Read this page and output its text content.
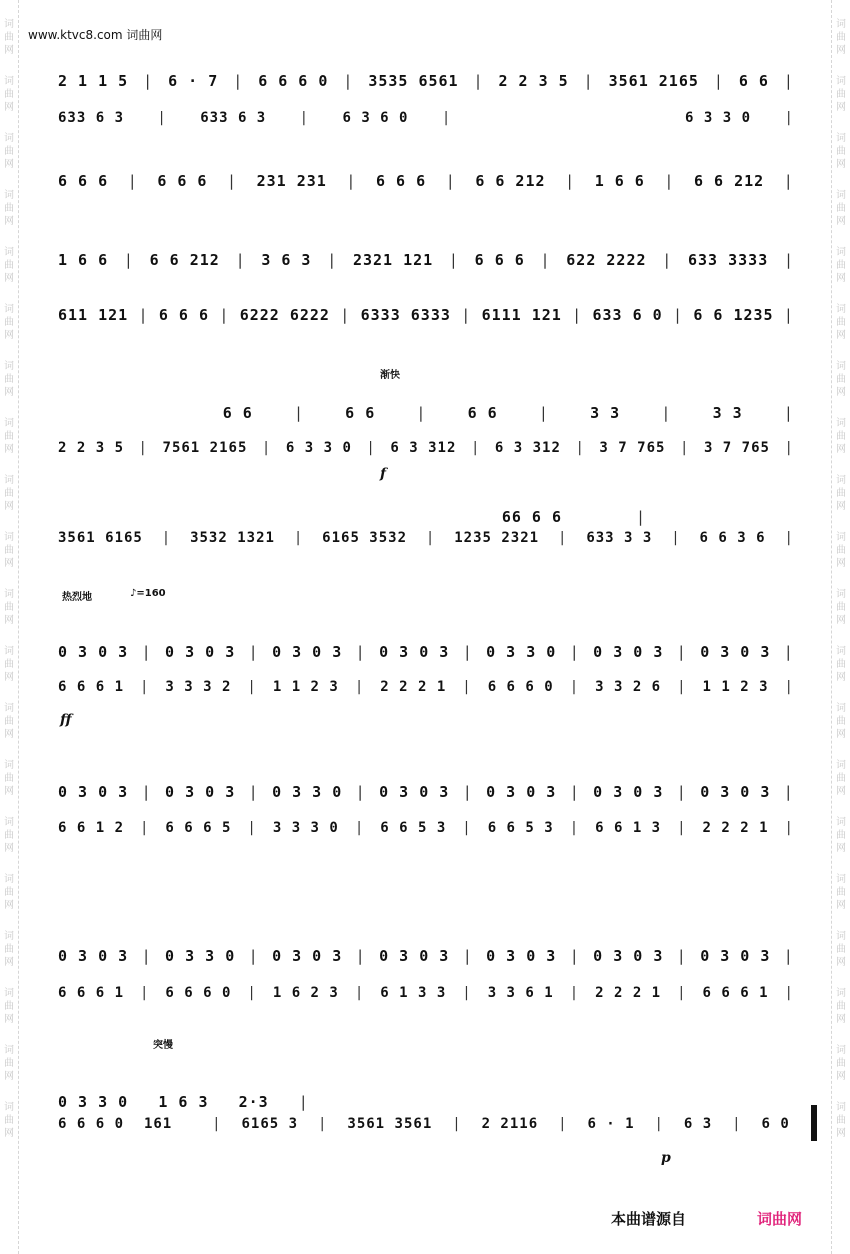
词
曲
网
词
曲
网
词
曲
网
词
曲
网
词
曲
网
词
曲
网
词
曲
网
词
曲
网
词
曲
网
词
曲
网
词
曲
网
词
曲
网
词
曲
网
词
曲
网
词
曲
网
词
曲
网
词
曲
网
词
曲
网
词
曲
网
词
曲
网
词
曲
网
词
曲
网
词
曲
网
词
曲
网
词
曲
网
词
曲
网
词
曲
网
词
曲
网
词
曲
网
词
曲
网
词
曲
网
词
曲
网
词
曲
网
词
曲
网
词
曲
网
词
曲
网
词
曲
网
词
曲
网
词
曲
网
词
曲
网
www.ktvc8.com 词曲网
2 1 1 5 | 6 · 7 | 6 6 6 0 | 3535 6561 | 2 2 3 5 | 3561 2165 | 6 6 |
633 6 3 | 633 6 3 | 6 3 6 0 |	6 3 3 0 |
6 6 6 | 6 6 6 | 231 231 | 6 6 6 | 6 6 212 | 1 6 6 | 6 6 212 |
1 6 6 | 6 6 212 | 3 6 3 | 2321 121 | 6 6 6 | 622 2222 | 633 3333 |
611 121 | 6 6 6 | 6222 6222 | 6333 6333 | 6111 121 | 633 6 0 | 6 6 1235 |
渐快
6 6	|	6 6	|	6 6	|	3 3	|	3 3	|
2 2 3 5 | 7561 2165 | 6 3 3 0 | 6 3 312 | 6 3 312 | 3 7 765 | 3 7 765 |
f
66 6 6	|
3561 6165 | 3532 1321 | 6165 3532 | 1235 2321 | 633 3 3 | 6 6 3 6 |
热烈地	♪=160
0 3 0 3 | 0 3 0 3 | 0 3 0 3 | 0 3 0 3 | 0 3 3 0 | 0 3 0 3 | 0 3 0 3 |
6 6 6 1 | 3 3 3 2 | 1 1 2 3 | 2 2 2 1 | 6 6 6 0 | 3 3 2 6 | 1 1 2 3 |
ff
0 3 0 3 | 0 3 0 3 | 0 3 3 0 | 0 3 0 3 | 0 3 0 3 | 0 3 0 3 | 0 3 0 3 |
6 6 1 2 | 6 6 6 5 | 3 3 3 0 | 6 6 5 3 | 6 6 5 3 | 6 6 1 3 | 2 2 2 1 |
0 3 0 3 | 0 3 3 0 | 0 3 0 3 | 0 3 0 3 | 0 3 0 3 | 0 3 0 3 | 0 3 0 3 |
6 6 6 1 | 6 6 6 0 | 1 6 2 3 | 6 1 3 3 | 3 3 6 1 | 2 2 2 1 | 6 6 6 1 |
突慢
0 3 3 0 1 6 3 2·3 |
6 6 6 0 161	| 6165 3 | 3561 3561 | 2 2116 | 6 · 1 | 6 3 | 6 0
p
本曲谱源自	词曲网
